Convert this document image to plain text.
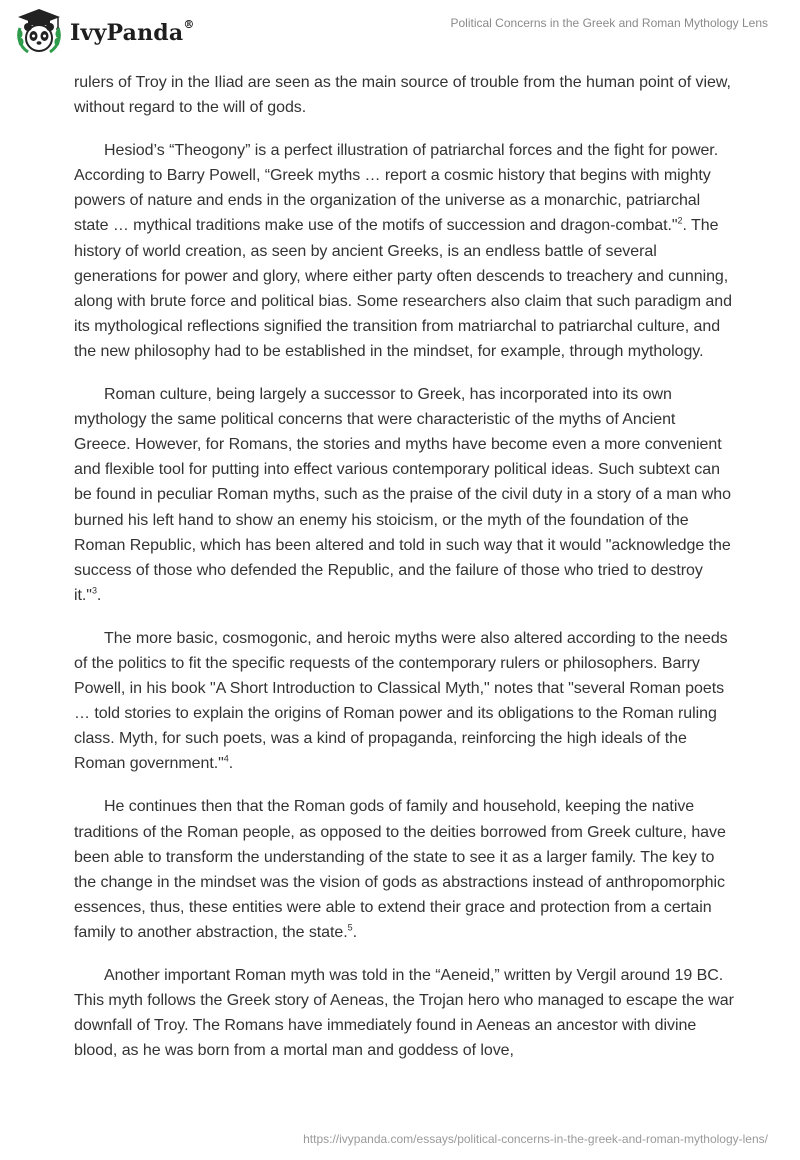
IvyPanda®	Political Concerns in the Greek and Roman Mythology Lens

rulers of Troy in the Iliad are seen as the main source of trouble from the human point of view, without regard to the will of gods.

Hesiod’s “Theogony” is a perfect illustration of patriarchal forces and the fight for power. According to Barry Powell, “Greek myths … report a cosmic history that begins with mighty powers of nature and ends in the organization of the universe as a monarchic, patriarchal state … mythical traditions make use of the motifs of succession and dragon-combat."$^2$. The history of world creation, as seen by ancient Greeks, is an endless battle of several generations for power and glory, where either party often descends to treachery and cunning, along with brute force and political bias. Some researchers also claim that such paradigm and its mythological reflections signified the transition from matriarchal to patriarchal culture, and the new philosophy had to be established in the mindset, for example, through mythology.

Roman culture, being largely a successor to Greek, has incorporated into its own mythology the same political concerns that were characteristic of the myths of Ancient Greece. However, for Romans, the stories and myths have become even a more convenient and flexible tool for putting into effect various contemporary political ideas. Such subtext can be found in peculiar Roman myths, such as the praise of the civil duty in a story of a man who burned his left hand to show an enemy his stoicism, or the myth of the foundation of the Roman Republic, which has been altered and told in such way that it would "acknowledge the success of those who defended the Republic, and the failure of those who tried to destroy it."$^3$.

The more basic, cosmogonic, and heroic myths were also altered according to the needs of the politics to fit the specific requests of the contemporary rulers or philosophers. Barry Powell, in his book "A Short Introduction to Classical Myth," notes that "several Roman poets … told stories to explain the origins of Roman power and its obligations to the Roman ruling class. Myth, for such poets, was a kind of propaganda, reinforcing the high ideals of the Roman government."$^4$.

He continues then that the Roman gods of family and household, keeping the native traditions of the Roman people, as opposed to the deities borrowed from Greek culture, have been able to transform the understanding of the state to see it as a larger family. The key to the change in the mindset was the vision of gods as abstractions instead of anthropomorphic essences, thus, these entities were able to extend their grace and protection from a certain family to another abstraction, the state.$^5$.

Another important Roman myth was told in the “Aeneid,” written by Vergil around 19 BC. This myth follows the Greek story of Aeneas, the Trojan hero who managed to escape the war downfall of Troy. The Romans have immediately found in Aeneas an ancestor with divine blood, as he was born from a mortal man and goddess of love,

https://ivypanda.com/essays/political-concerns-in-the-greek-and-roman-mythology-lens/
